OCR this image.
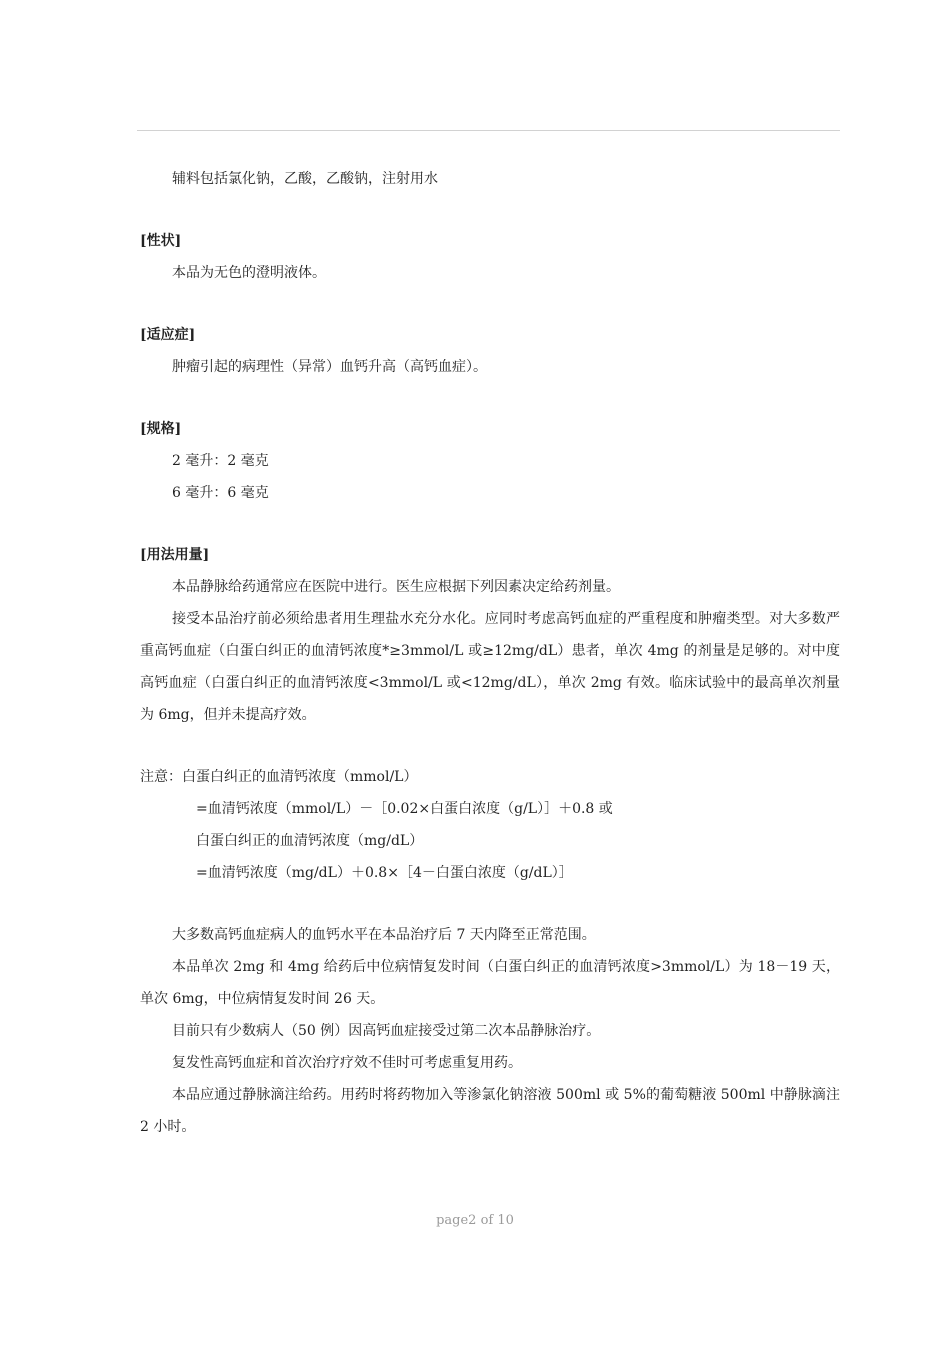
辅料包括氯化钠，乙酸，乙酸钠，注射用水

[性状]

本品为无色的澄明液体。

[适应症]

肿瘤引起的病理性（异常）血钙升高（高钙血症）。

[规格]

2 毫升：2 毫克

6 毫升：6 毫克

[用法用量]

本品静脉给药通常应在医院中进行。医生应根据下列因素决定给药剂量。

接受本品治疗前必须给患者用生理盐水充分水化。应同时考虑高钙血症的严重程度和肿瘤类型。对大多数严重高钙血症（白蛋白纠正的血清钙浓度*≥3mmol/L 或≥12mg/dL）患者，单次 4mg 的剂量是足够的。对中度高钙血症（白蛋白纠正的血清钙浓度<3mmol/L 或<12mg/dL），单次 2mg 有效。临床试验中的最高单次剂量为 6mg，但并未提高疗效。

注意：白蛋白纠正的血清钙浓度（mmol/L）

=血清钙浓度（mmol/L）－［0.02×白蛋白浓度（g/L）］＋0.8 或

白蛋白纠正的血清钙浓度（mg/dL）

=血清钙浓度（mg/dL）＋0.8×［4－白蛋白浓度（g/dL）］

大多数高钙血症病人的血钙水平在本品治疗后 7 天内降至正常范围。

本品单次 2mg 和 4mg 给药后中位病情复发时间（白蛋白纠正的血清钙浓度>3mmol/L）为 18－19 天，单次 6mg，中位病情复发时间 26 天。

目前只有少数病人（50 例）因高钙血症接受过第二次本品静脉治疗。

复发性高钙血症和首次治疗疗效不佳时可考虑重复用药。

本品应通过静脉滴注给药。用药时将药物加入等渗氯化钠溶液 500ml 或 5%的葡萄糖液 500ml 中静脉滴注 2 小时。

page2 of 10
